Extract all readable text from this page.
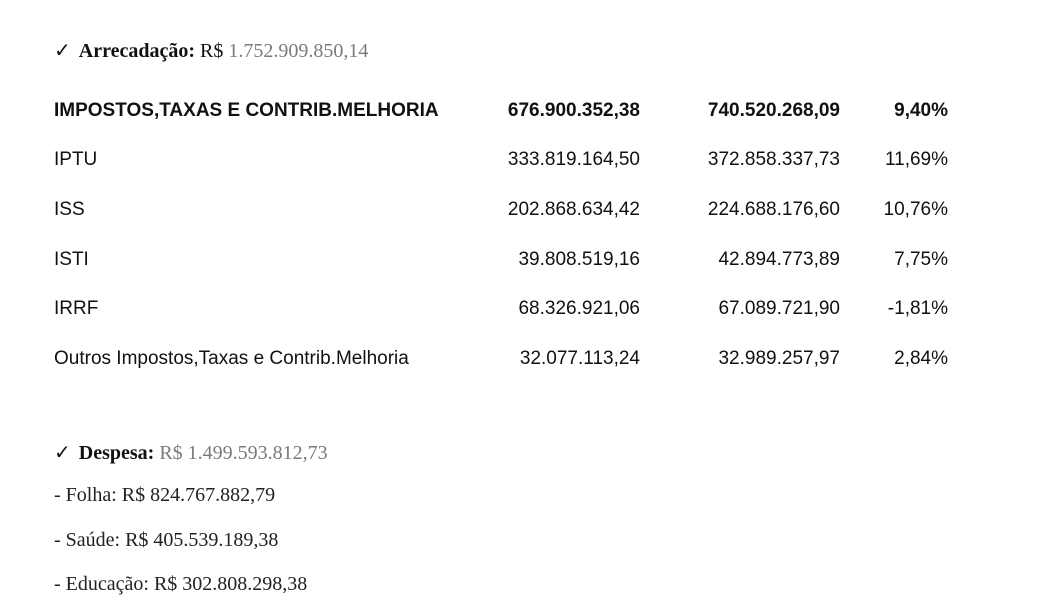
✓ Arrecadação: R$ 1.752.909.850,14
IMPOSTOS,TAXAS E CONTRIB.MELHORIA	676.900.352,38	740.520.268,09	9,40%
IPTU	333.819.164,50	372.858.337,73	11,69%
ISS	202.868.634,42	224.688.176,60	10,76%
ISTI	39.808.519,16	42.894.773,89	7,75%
IRRF	68.326.921,06	67.089.721,90	-1,81%
Outros Impostos,Taxas e Contrib.Melhoria	32.077.113,24	32.989.257,97	2,84%
✓ Despesa: R$ 1.499.593.812,73
- Folha: R$ 824.767.882,79
- Saúde: R$ 405.539.189,38
- Educação: R$ 302.808.298,38
